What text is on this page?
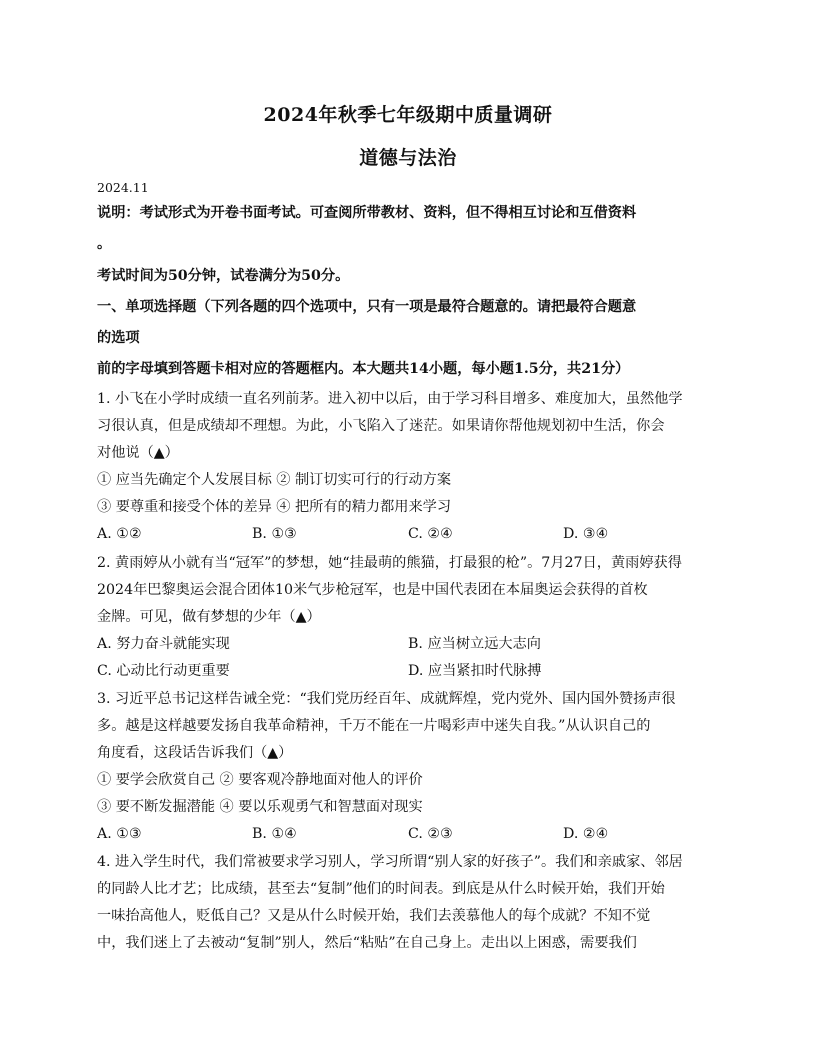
2024年秋季七年级期中质量调研
道德与法治
2024.11
说明：考试形式为开卷书面考试。可查阅所带教材、资料，但不得相互讨论和互借资料
。
考试时间为50分钟，试卷满分为50分。
一、单项选择题（下列各题的四个选项中，只有一项是最符合题意的。请把最符合题意
的选项
前的字母填到答题卡相对应的答题框内。本大题共14小题，每小题1.5分，共21分）
1. 小飞在小学时成绩一直名列前茅。进入初中以后，由于学习科目增多、难度加大，虽然他学
习很认真，但是成绩却不理想。为此，小飞陷入了迷茫。如果请你帮他规划初中生活，你会
对他说（▲）
① 应当先确定个人发展目标 ② 制订切实可行的行动方案
③ 要尊重和接受个体的差异 ④ 把所有的精力都用来学习
A. ①②	B. ①③	C. ②④	D. ③④
2. 黄雨婷从小就有当“冠军”的梦想，她“挂最萌的熊猫，打最狠的枪”。7月27日，黄雨婷获得
2024年巴黎奥运会混合团体10米气步枪冠军，也是中国代表团在本届奥运会获得的首枚
金牌。可见，做有梦想的少年（▲）
A. 努力奋斗就能实现	B. 应当树立远大志向
C. 心动比行动更重要	D. 应当紧扣时代脉搏
3. 习近平总书记这样告诫全党：“我们党历经百年、成就辉煌，党内党外、国内国外赞扬声很
多。越是这样越要发扬自我革命精神，千万不能在一片喝彩声中迷失自我。”从认识自己的
角度看，这段话告诉我们（▲）
① 要学会欣赏自己 ② 要客观冷静地面对他人的评价
③ 要不断发掘潜能 ④ 要以乐观勇气和智慧面对现实
A. ①③	B. ①④	C. ②③	D. ②④
4. 进入学生时代，我们常被要求学习别人，学习所谓“别人家的好孩子”。我们和亲戚家、邻居
的同龄人比才艺；比成绩，甚至去“复制”他们的时间表。到底是从什么时候开始，我们开始
一味抬高他人，贬低自己？又是从什么时候开始，我们去羡慕他人的每个成就？不知不觉
中，我们迷上了去被动“复制”别人，然后“粘贴”在自己身上。走出以上困惑，需要我们
